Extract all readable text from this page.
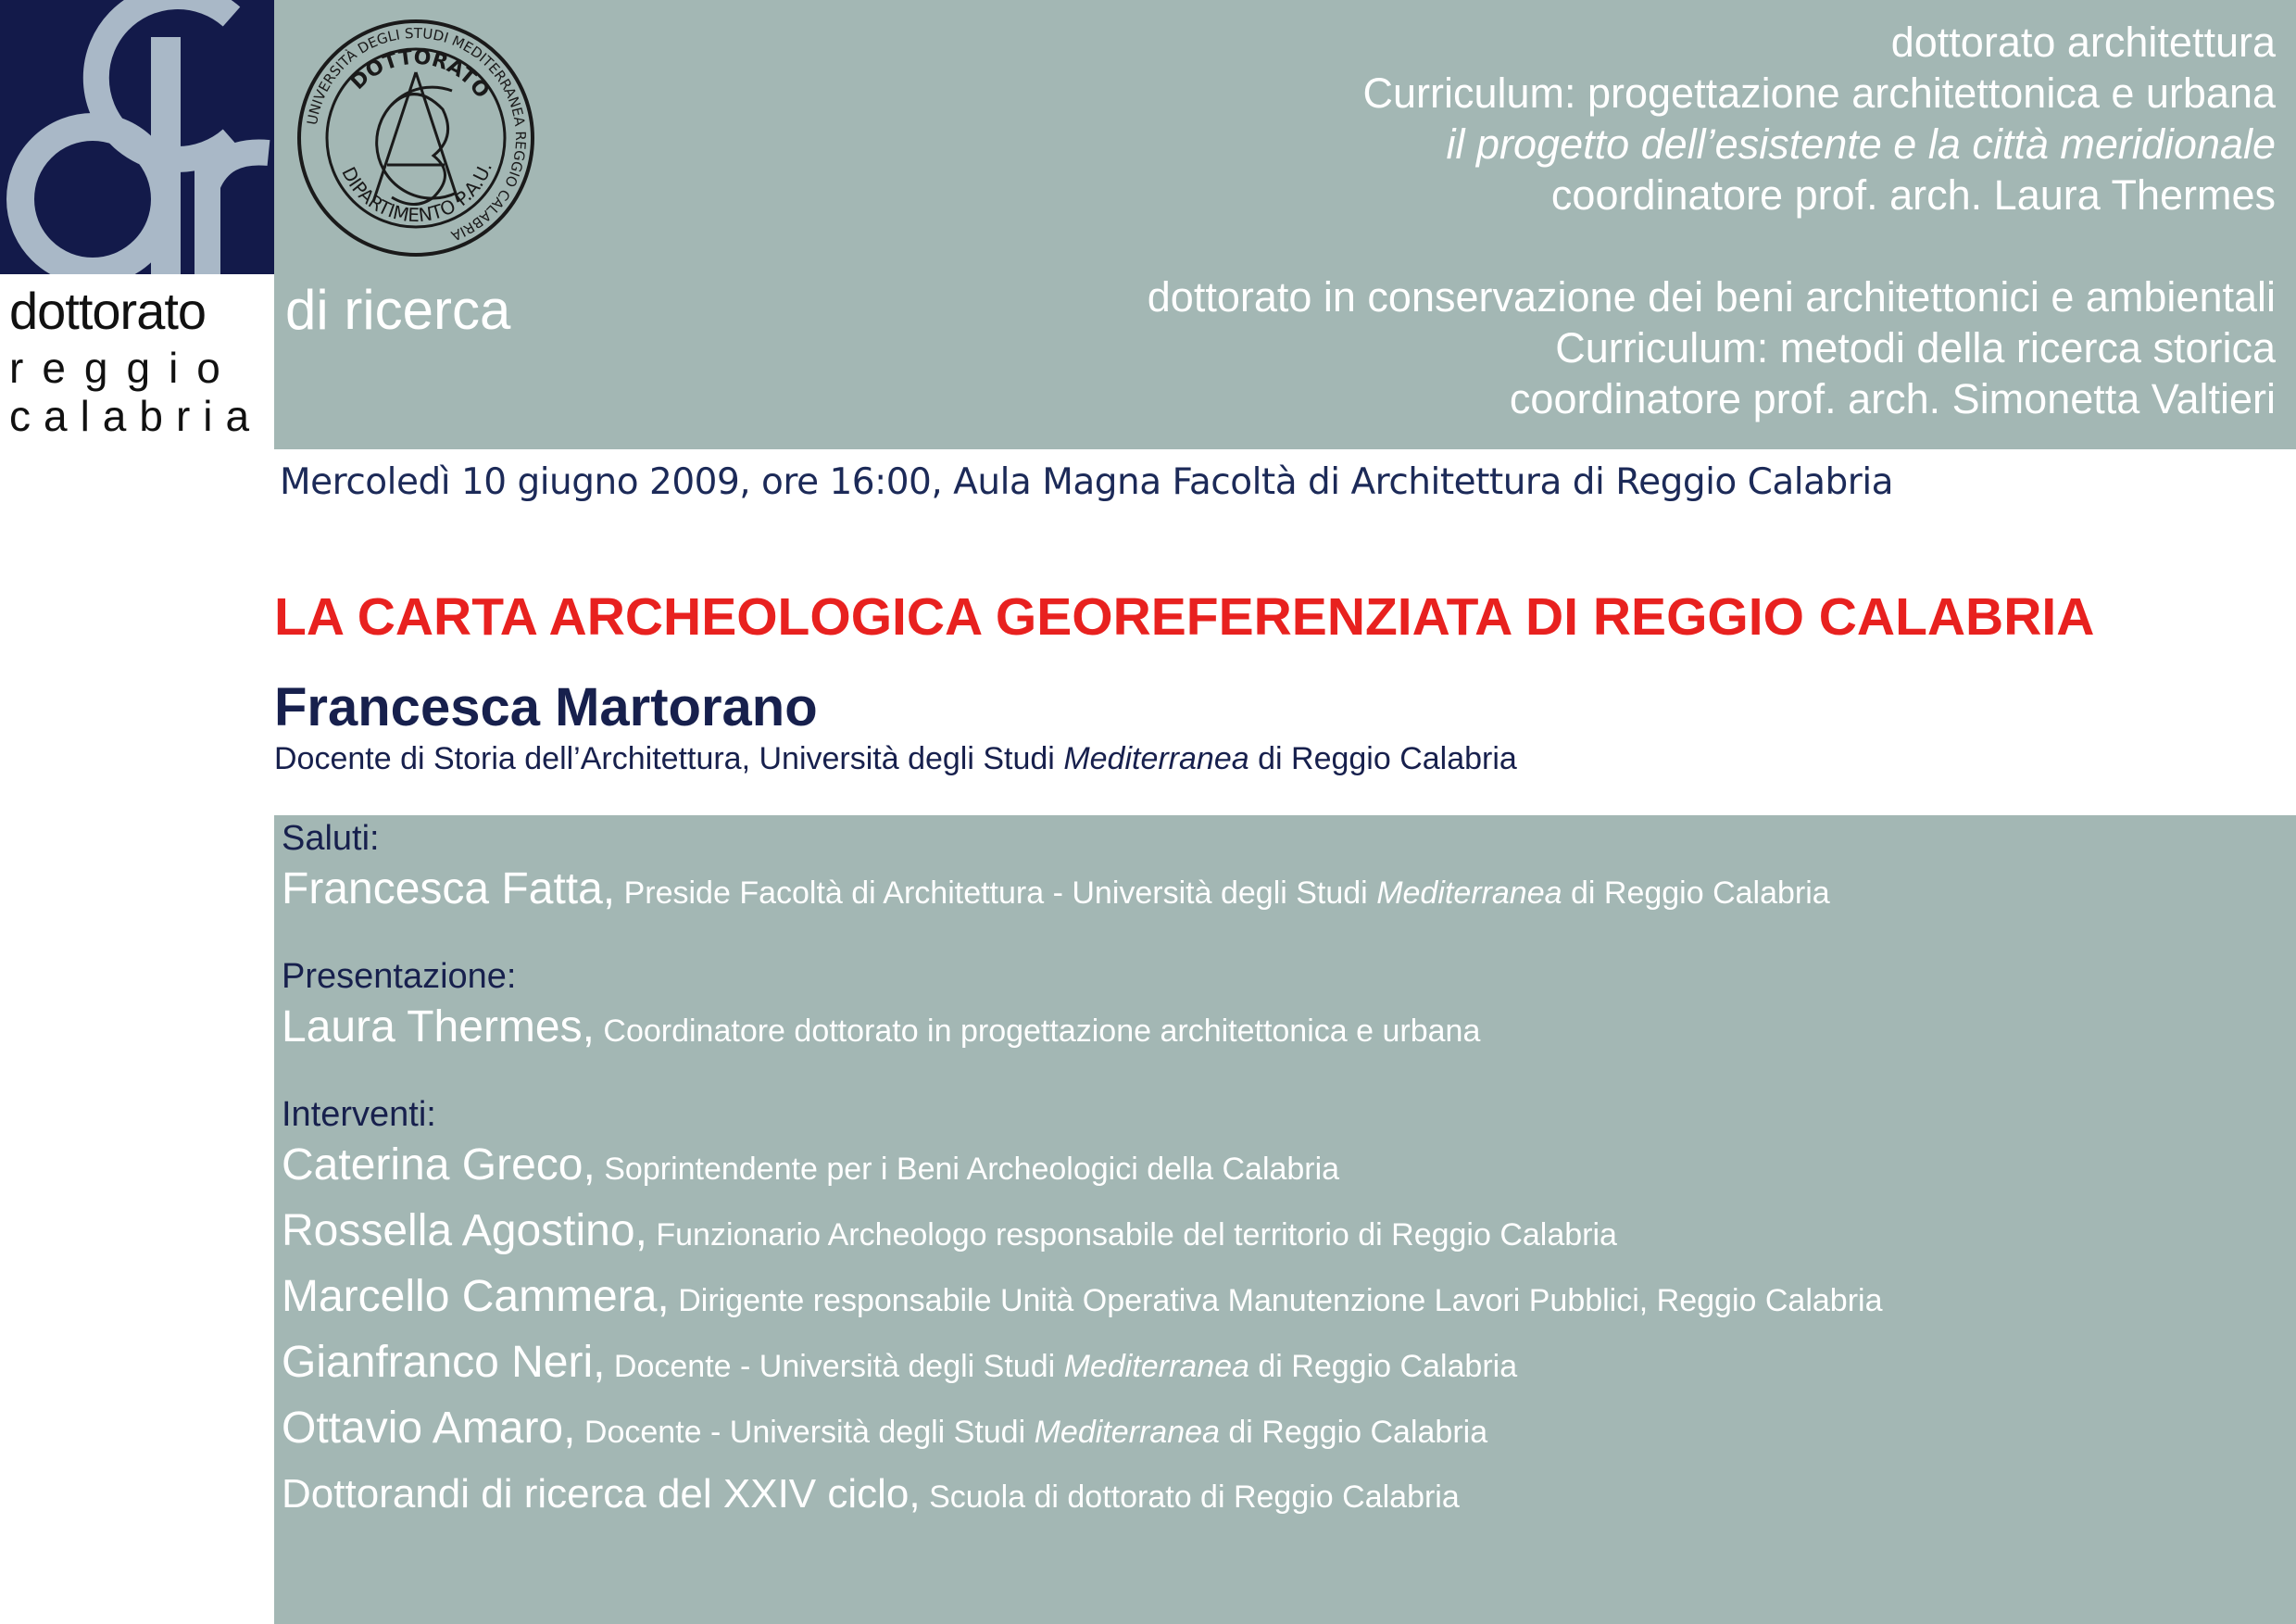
dottorato
reggio
calabria
UNIVERSITÀ DEGLI STUDI MEDITERRANEA REGGIO CALABRIA
DOTTORATO
DIPARTIMENTO P.A.U.
di ricerca
dottorato architettura
Curriculum: progettazione architettonica e urbana
il progetto dell’esistente e la città meridionale
coordinatore prof. arch. Laura Thermes
dottorato in conservazione dei beni architettonici e ambientali
Curriculum: metodi della ricerca storica
coordinatore prof. arch. Simonetta Valtieri
Mercoledì 10 giugno 2009, ore 16:00, Aula Magna Facoltà di Architettura di Reggio Calabria
LA CARTA ARCHEOLOGICA GEOREFERENZIATA DI REGGIO CALABRIA
Francesca Martorano
Docente di Storia dell’Architettura, Università degli Studi Mediterranea di Reggio Calabria
Saluti:
Francesca Fatta, Preside Facoltà di Architettura - Università degli Studi Mediterranea di Reggio Calabria
Presentazione:
Laura Thermes, Coordinatore dottorato in progettazione architettonica e urbana
Interventi:
Caterina Greco, Soprintendente per i Beni Archeologici della Calabria
Rossella Agostino, Funzionario Archeologo responsabile del territorio di Reggio Calabria
Marcello Cammera, Dirigente responsabile Unità Operativa Manutenzione Lavori Pubblici, Reggio Calabria
Gianfranco Neri, Docente - Università degli Studi Mediterranea di Reggio Calabria
Ottavio Amaro, Docente - Università degli Studi Mediterranea di Reggio Calabria
Dottorandi di ricerca del XXIV ciclo, Scuola di dottorato di Reggio Calabria
